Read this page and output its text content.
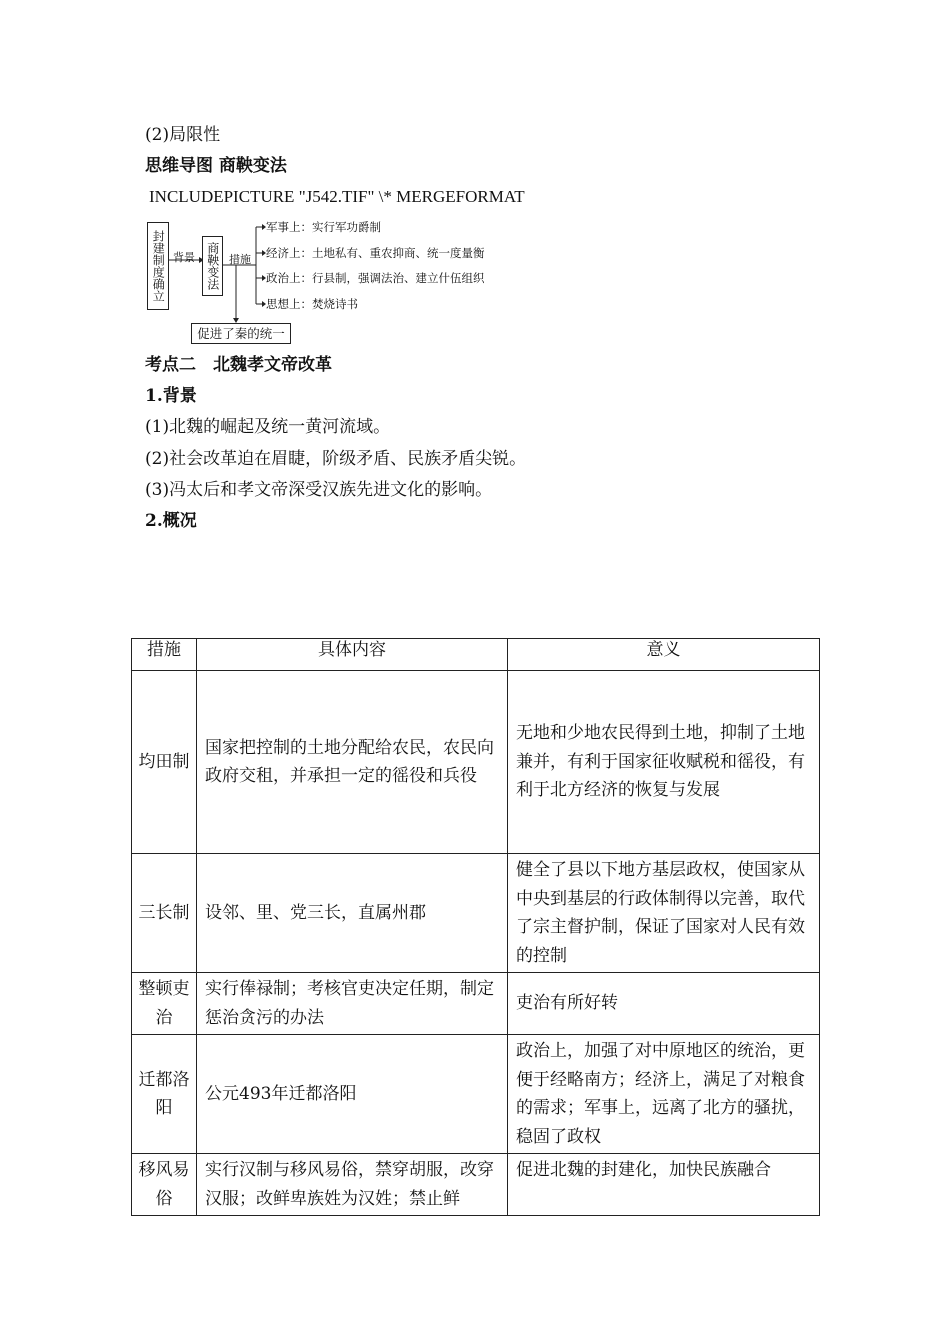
(2)局限性
思维导图 商鞅变法
INCLUDEPICTURE "J542.TIF" \* MERGEFORMAT
封建制度确立 背景 商鞅变法 措施
军事上：实行军功爵制
经济上：土地私有、重农抑商、统一度量衡
政治上：行县制，强调法治、建立什伍组织
思想上：焚烧诗书
促进了秦的统一
考点二　北魏孝文帝改革
1.背景
(1)北魏的崛起及统一黄河流域。
(2)社会改革迫在眉睫，阶级矛盾、民族矛盾尖锐。
(3)冯太后和孝文帝深受汉族先进文化的影响。
2.概况
措施	具体内容	意义
均田制	国家把控制的土地分配给农民，农民向政府交租，并承担一定的徭役和兵役	无地和少地农民得到土地，抑制了土地兼并，有利于国家征收赋税和徭役，有利于北方经济的恢复与发展
三长制	设邻、里、党三长，直属州郡	健全了县以下地方基层政权，使国家从中央到基层的行政体制得以完善，取代了宗主督护制，保证了国家对人民有效的控制
整顿吏治	实行俸禄制；考核官吏决定任期，制定惩治贪污的办法	吏治有所好转
迁都洛阳	公元493年迁都洛阳	政治上，加强了对中原地区的统治，更便于经略南方；经济上，满足了对粮食的需求；军事上，远离了北方的骚扰，稳固了政权
移风易俗	实行汉制与移风易俗，禁穿胡服，改穿汉服；改鲜卑族姓为汉姓；禁止鲜	促进北魏的封建化，加快民族融合
